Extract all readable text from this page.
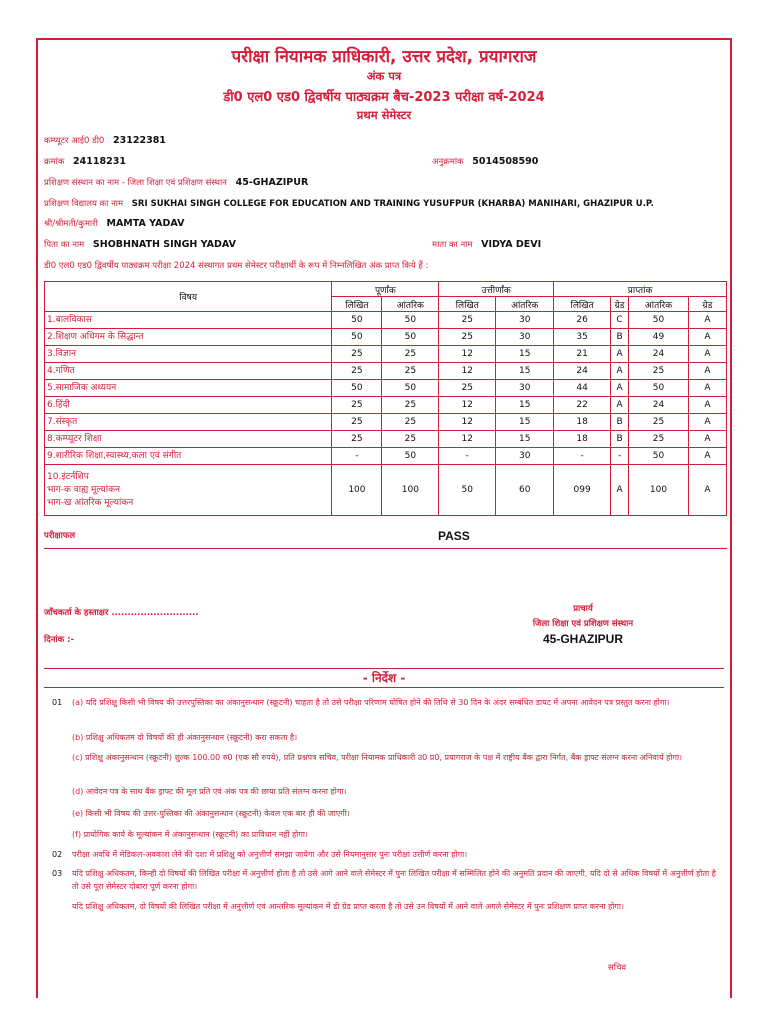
परीक्षा नियामक प्राधिकारी, उत्तर प्रदेश, प्रयागराज
अंक पत्र
डी0 एल0 एड0 द्विवर्षीय पाठ्यक्रम बैच-2023 परीक्षा वर्ष-2024
प्रथम सेमेस्टर
कम्प्यूटर आई0 डी0 23122381
क्रमांक 24118231	अनुक्रमांक 5014508590
प्रशिक्षण संस्थान का नाम - जिला शिक्षा एवं प्रशिक्षण संस्थान 45-GHAZIPUR
प्रशिक्षण विद्यालय का नाम SRI SUKHAI SINGH COLLEGE FOR EDUCATION AND TRAINING YUSUFPUR (KHARBA) MANIHARI, GHAZIPUR U.P.
श्री/श्रीमती/कुमारी MAMTA YADAV
पिता का नाम SHOBHNATH SINGH YADAV	माता का नाम VIDYA DEVI
डी0 एल0 एड0 द्विवर्षीय पाठ्यक्रम परीक्षा 2024 संस्थागत प्रथम सेमेस्टर परीक्षार्थी के रूप में निम्नलिखित अंक प्राप्त किये हैं :
विषय	पूर्णांक		उत्तीर्णांक		प्राप्तांक			
	लिखित	आंतरिक	लिखित	आंतरिक	लिखित	ग्रेड	आंतरिक	ग्रेड
1.बालविकास	50	50	25	30	26	C	50	A
2.शिक्षण अधिगम के सिद्धान्त	50	50	25	30	35	B	49	A
3.विज्ञान	25	25	12	15	21	A	24	A
4.गणित	25	25	12	15	24	A	25	A
5.सामाजिक अध्ययन	50	50	25	30	44	A	50	A
6.हिंदी	25	25	12	15	22	A	24	A
7.संस्कृत	25	25	12	15	18	B	25	A
8.कम्प्यूटर शिक्षा	25	25	12	15	18	B	25	A
9.शारीरिक शिक्षा,स्वास्थ्य,कला एवं संगीत	-	50	-	30	-	-	50	A

10.इंटर्नशिप
भाग-क वाह्य मूल्यांकन
भाग-ख आंतरिक मूल्यांकन	100	100	50	60	099	A	100	A
परीक्षाफल	PASS
जाँचकर्ता के हस्ताक्षर ...........................
दिनांक :-
प्राचार्य
जिला शिक्षा एवं प्रशिक्षण संस्थान
45-GHAZIPUR
- निर्देश -
01 (a) यदि प्रशिक्षु किसी भी विषय की उत्तरपुस्तिका का अंकानुसन्धान (स्क्रूटनी) चाहता है तो उसे परीक्षा परिणाम घोषित होने की तिथि से 30 दिन के अंदर सम्बंधित डायट में अपना आवेदन पत्र प्रस्तुत करना होगा।
(b) प्रशिक्षु अधिकतम दो विषयों की ही अंकानुसन्धान (स्क्रूटनी) करा सकता है।
(c) प्रशिक्षु अंकानुसन्धान (स्क्रूटनी) शुल्क 100.00 रु0 (एक सौ रुपये), प्रति प्रश्नपत्र सचिव, परीक्षा नियामक प्राधिकारी उ0 प्र0, प्रयागराज के पक्ष में राष्ट्रीय बैंक द्वारा निर्गत, बैंक ड्राफ्ट संलग्न करना अनिवार्य होगा।
(d) आवेदन पत्र के साथ बैंक ड्राफ्ट की मूल प्रति एवं अंक पत्र की छाया प्रति संलग्न करना होगा।
(e) किसी भी विषय की उत्तर-पुस्तिका की अंकानुसन्धान (स्क्रूटनी) केवल एक बार ही की जाएगी।
(f) प्रायोगिक कार्य के मूल्यांकन में अंकानुसन्धान (स्क्रूटनी) का प्राविधान नहीं होगा।
02 परीक्षा अवधि में मेडिकल-अवकाश लेने की दशा में प्रशिक्षु को अनुत्तीर्ण समझा जायेगा और उसे नियमानुसार पुनः परीक्षा उत्तीर्ण करना होगा।
03 यदि प्रशिक्षु अधिकतम, किन्ही दो विषयों की लिखित परीक्षा में अनुत्तीर्ण होता है तो उसे आगे आने वाले सेमेस्टर में पुनः लिखित परीक्षा में सम्मिलित होने की अनुमति प्रदान की जाएगी, यदि दो से अधिक विषयों में अनुत्तीर्ण होता है तो उसे पूरा सेमेस्टर दोबारा पूर्ण करना होगा।
यदि प्रशिक्षु अधिकतम, दो विषयों की लिखित परीक्षा में अनुत्तीर्ण एवं आन्तरिक मूल्यांकन में डी ग्रेड प्राप्त करता है तो उसे उन विषयों में आने वाले अगले सेमेस्टर में पुनः प्रशिक्षण प्राप्त करना होगा।
सचिव
